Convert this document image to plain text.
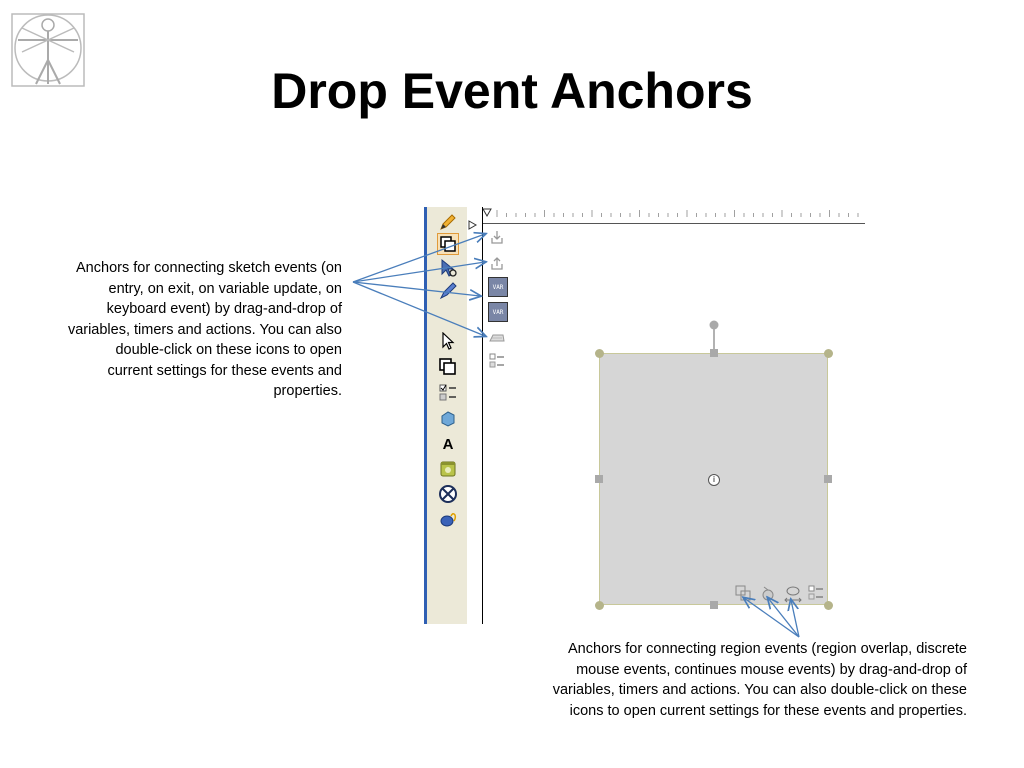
Drop Event Anchors
Anchors for connecting sketch events (on
entry, on exit, on variable update, on
keyboard event) by drag-and-drop of
variables, timers and actions. You can also
double-click on these icons to open
current settings for these events and
properties.
A
VAR
VAR
i
Anchors for connecting region events (region overlap, discrete
mouse events, continues mouse events) by drag-and-drop of
variables, timers and actions. You can also double-click on these
icons to open current settings for these events and properties.
